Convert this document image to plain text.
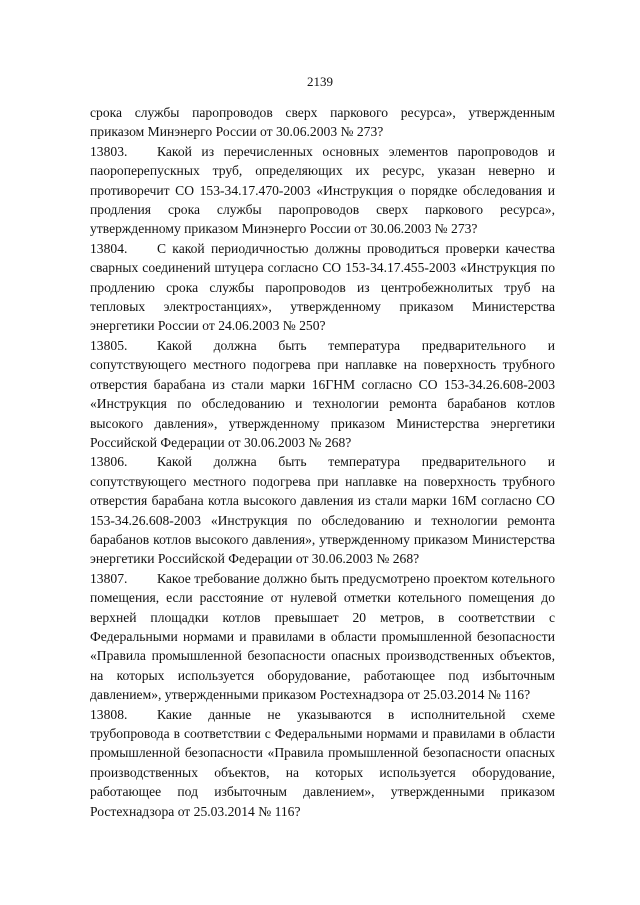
2139

срока службы паропроводов сверх паркового ресурса», утвержденным приказом Минэнерго России от 30.06.2003 № 273?

13803. Какой из перечисленных основных элементов паропроводов и паороперепускных труб, определяющих их ресурс, указан неверно и противоречит СО 153-34.17.470-2003 «Инструкция о порядке обследования и продления срока службы паропроводов сверх паркового ресурса», утвержденному приказом Минэнерго России от 30.06.2003 № 273?

13804. С какой периодичностью должны проводиться проверки качества сварных соединений штуцера согласно СО 153-34.17.455-2003 «Инструкция по продлению срока службы паропроводов из центробежнолитых труб на тепловых электростанциях», утвержденному приказом Министерства энергетики России от 24.06.2003 № 250?

13805. Какой должна быть температура предварительного и сопутствующего местного подогрева при наплавке на поверхность трубного отверстия барабана из стали марки 16ГНМ согласно СО 153-34.26.608-2003 «Инструкция по обследованию и технологии ремонта барабанов котлов высокого давления», утвержденному приказом Министерства энергетики Российской Федерации от 30.06.2003 № 268?

13806. Какой должна быть температура предварительного и сопутствующего местного подогрева при наплавке на поверхность трубного отверстия барабана котла высокого давления из стали марки 16М согласно СО 153-34.26.608-2003 «Инструкция по обследованию и технологии ремонта барабанов котлов высокого давления», утвержденному приказом Министерства энергетики Российской Федерации от 30.06.2003 № 268?

13807. Какое требование должно быть предусмотрено проектом котельного помещения, если расстояние от нулевой отметки котельного помещения до верхней площадки котлов превышает 20 метров, в соответствии с Федеральными нормами и правилами в области промышленной безопасности «Правила промышленной безопасности опасных производственных объектов, на которых используется оборудование, работающее под избыточным давлением», утвержденными приказом Ростехнадзора от 25.03.2014 № 116?

13808. Какие данные не указываются в исполнительной схеме трубопровода в соответствии с Федеральными нормами и правилами в области промышленной безопасности «Правила промышленной безопасности опасных производственных объектов, на которых используется оборудование, работающее под избыточным давлением», утвержденными приказом Ростехнадзора от 25.03.2014 № 116?
